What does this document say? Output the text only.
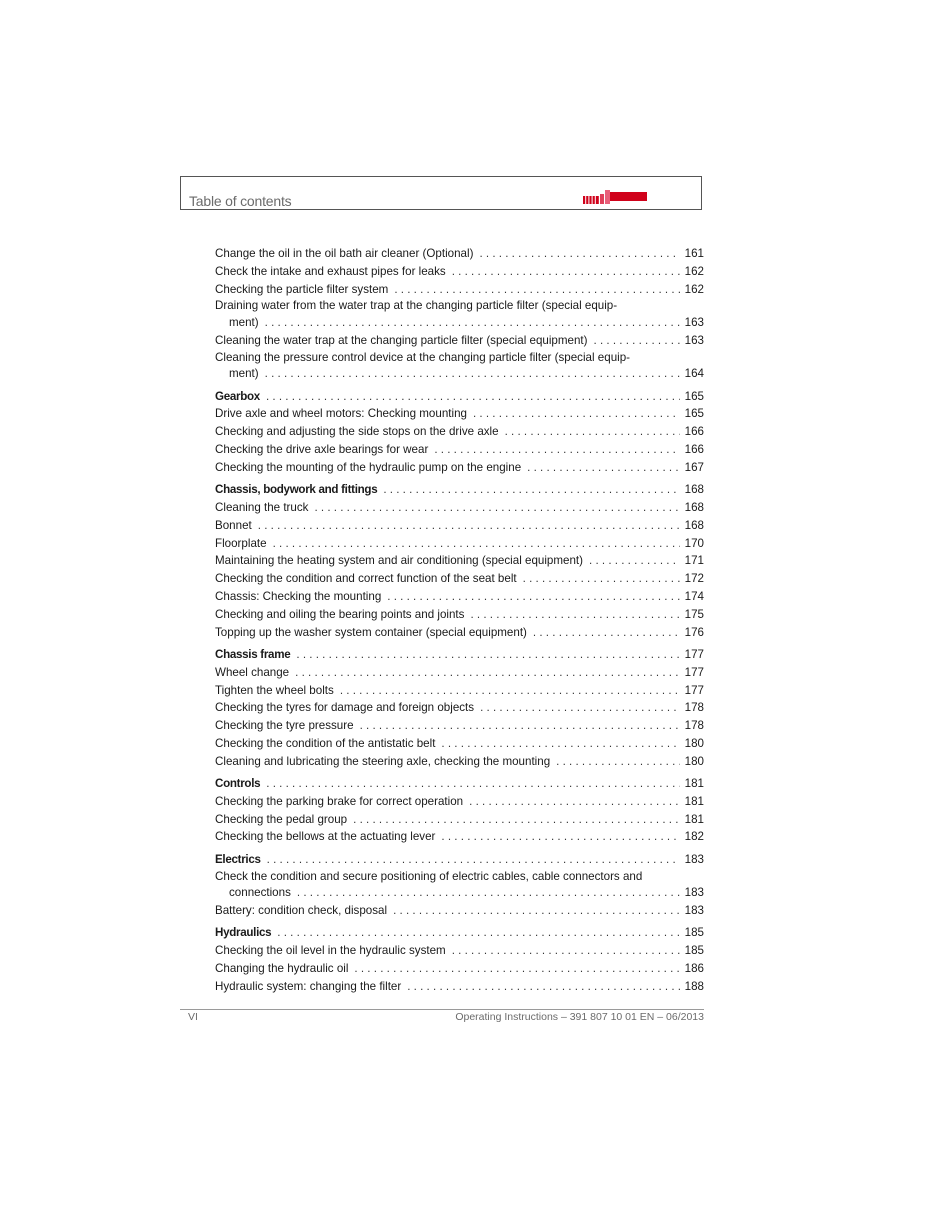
Table of contents
Change the oil in the oil bath air cleaner (Optional) . . .	161
Check the intake and exhaust pipes for leaks . . .	162
Checking the particle filter system . . .	162
Draining water from the water trap at the changing particle filter (special equip-
ment) . . .	163
Cleaning the water trap at the changing particle filter (special equipment) . . .	163
Cleaning the pressure control device at the changing particle filter (special equip-
ment) . . .	164
Gearbox . . .	165
Drive axle and wheel motors: Checking mounting . . .	165
Checking and adjusting the side stops on the drive axle . . .	166
Checking the drive axle bearings for wear . . .	166
Checking the mounting of the hydraulic pump on the engine . . .	167
Chassis, bodywork and fittings . . .	168
Cleaning the truck . . .	168
Bonnet . . .	168
Floorplate . . .	170
Maintaining the heating system and air conditioning (special equipment) . . .	171
Checking the condition and correct function of the seat belt . . .	172
Chassis: Checking the mounting . . .	174
Checking and oiling the bearing points and joints . . .	175
Topping up the washer system container (special equipment) . . .	176
Chassis frame . . .	177
Wheel change . . .	177
Tighten the wheel bolts . . .	177
Checking the tyres for damage and foreign objects . . .	178
Checking the tyre pressure . . .	178
Checking the condition of the antistatic belt . . .	180
Cleaning and lubricating the steering axle, checking the mounting . . .	180
Controls . . .	181
Checking the parking brake for correct operation . . .	181
Checking the pedal group . . .	181
Checking the bellows at the actuating lever . . .	182
Electrics . . .	183
Check the condition and secure positioning of electric cables, cable connectors and
connections . . .	183
Battery: condition check, disposal . . .	183
Hydraulics . . .	185
Checking the oil level in the hydraulic system . . .	185
Changing the hydraulic oil . . .	186
Hydraulic system: changing the filter . . .	188
VI	Operating Instructions – 391 807 10 01 EN – 06/2013
